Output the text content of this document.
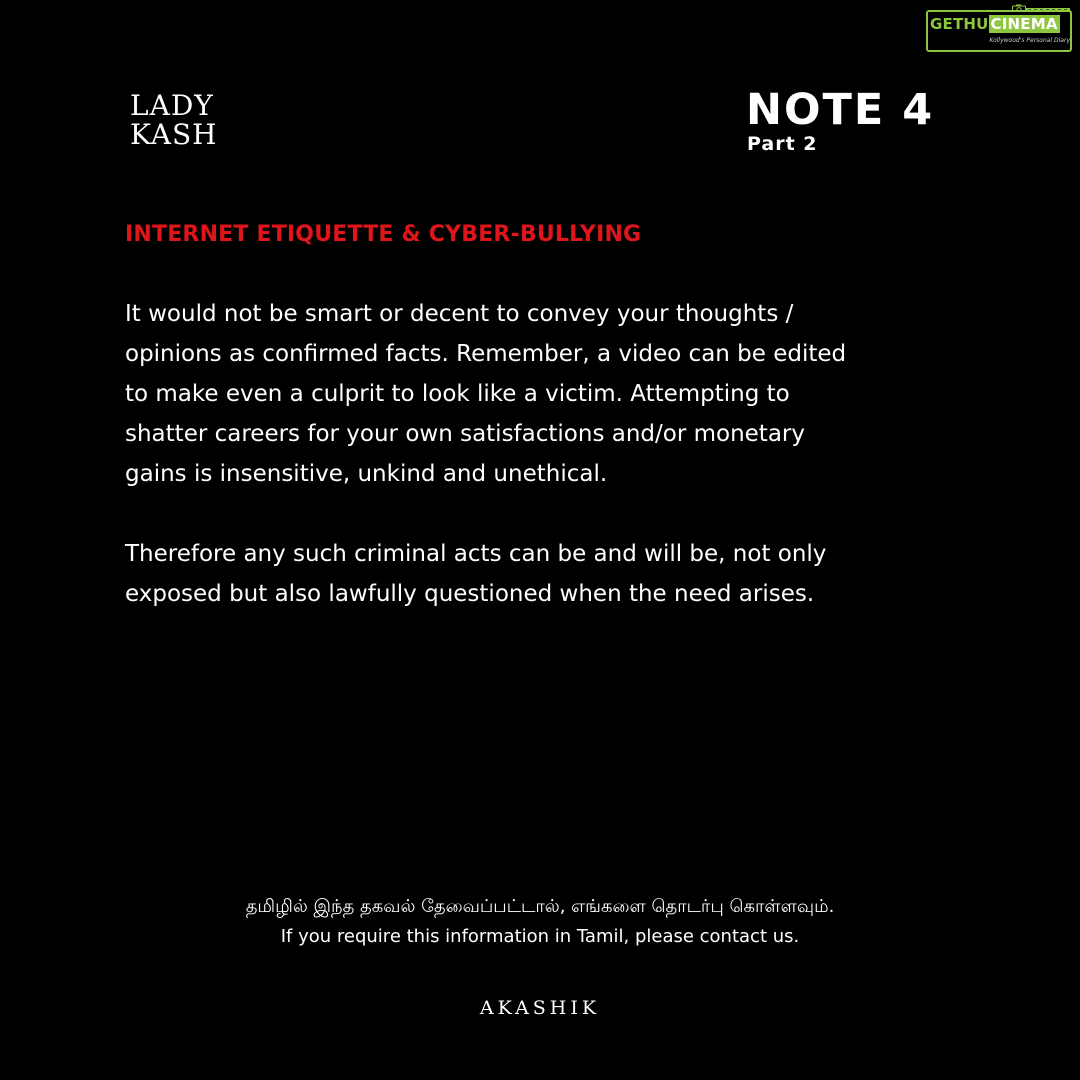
GETHU CINEMA
Kollywood's Personal Diary
LADY
KASH	NOTE 4
Part 2
INTERNET ETIQUETTE & CYBER-BULLYING
It would not be smart or decent to convey your thoughts /
opinions as confirmed facts. Remember, a video can be edited
to make even a culprit to look like a victim. Attempting to
shatter careers for your own satisfactions and/or monetary
gains is insensitive, unkind and unethical.
Therefore any such criminal acts can be and will be, not only
exposed but also lawfully questioned when the need arises.
தமிழில் இந்த தகவல் தேவைப்பட்டால், எங்களை தொடர்பு கொள்ளவும்.
If you require this information in Tamil, please contact us.
AKASHIK
